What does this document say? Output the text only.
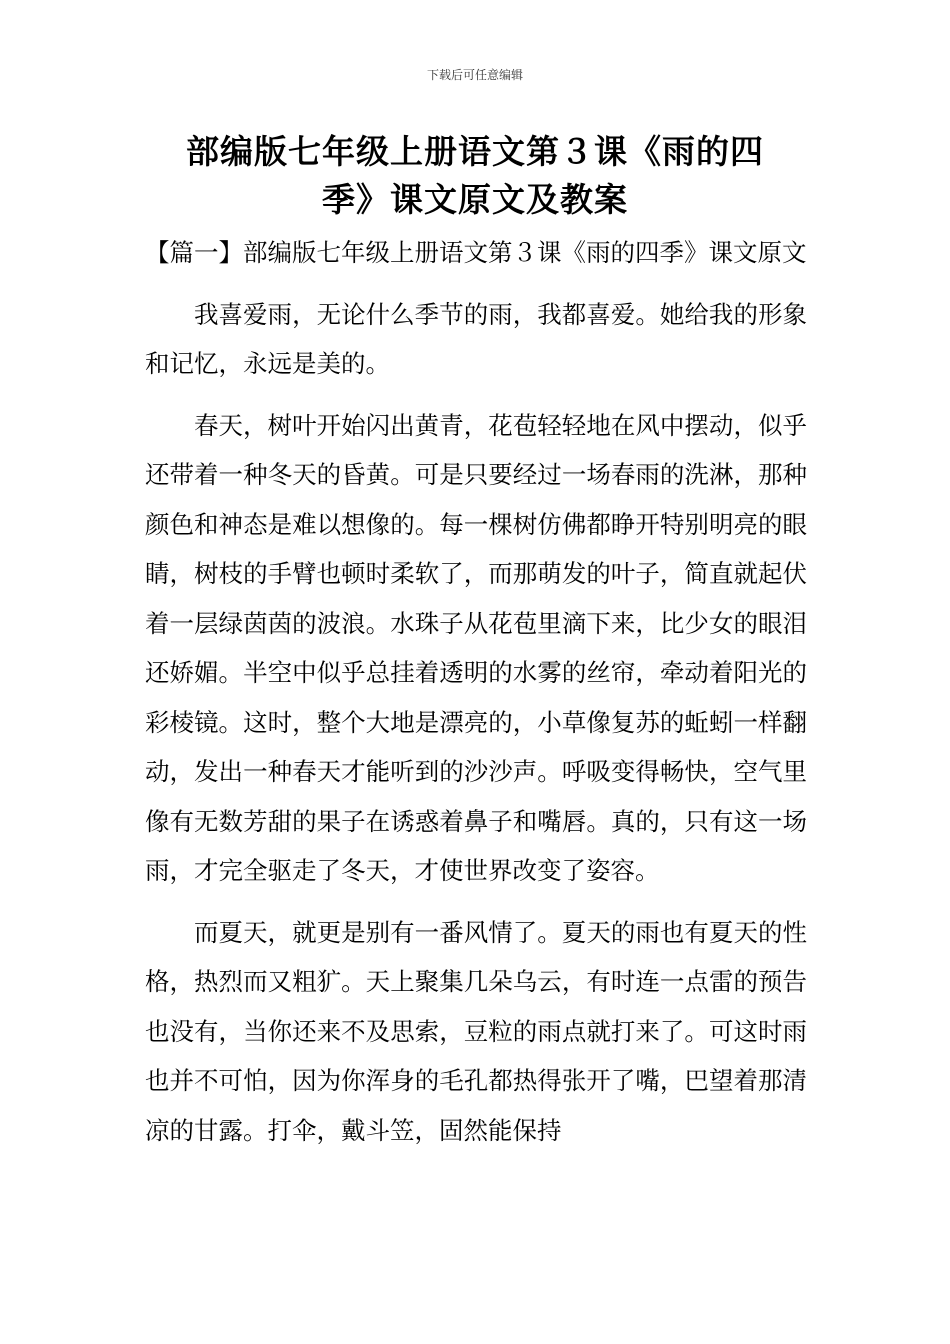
下载后可任意编辑
部编版七年级上册语文第３课《雨的四
季》课文原文及教案

【篇一】部编版七年级上册语文第３课《雨的四季》课文原文

我喜爱雨，无论什么季节的雨，我都喜爱。她给我的形象和记忆，永远是美的。

春天，树叶开始闪出黄青，花苞轻轻地在风中摆动，似乎还带着一种冬天的昏黄。可是只要经过一场春雨的洗淋，那种颜色和神态是难以想像的。每一棵树仿佛都睁开特别明亮的眼睛，树枝的手臂也顿时柔软了，而那萌发的叶子，简直就起伏着一层绿茵茵的波浪。水珠子从花苞里滴下来，比少女的眼泪还娇媚。半空中似乎总挂着透明的水雾的丝帘，牵动着阳光的彩棱镜。这时，整个大地是漂亮的，小草像复苏的蚯蚓一样翻动，发出一种春天才能听到的沙沙声。呼吸变得畅快，空气里像有无数芳甜的果子在诱惑着鼻子和嘴唇。真的，只有这一场雨，才完全驱走了冬天，才使世界改变了姿容。

而夏天，就更是别有一番风情了。夏天的雨也有夏天的性格，热烈而又粗犷。天上聚集几朵乌云，有时连一点雷的预告也没有，当你还来不及思索，豆粒的雨点就打来了。可这时雨也并不可怕，因为你浑身的毛孔都热得张开了嘴，巴望着那清凉的甘露。打伞，戴斗笠，固然能保持
